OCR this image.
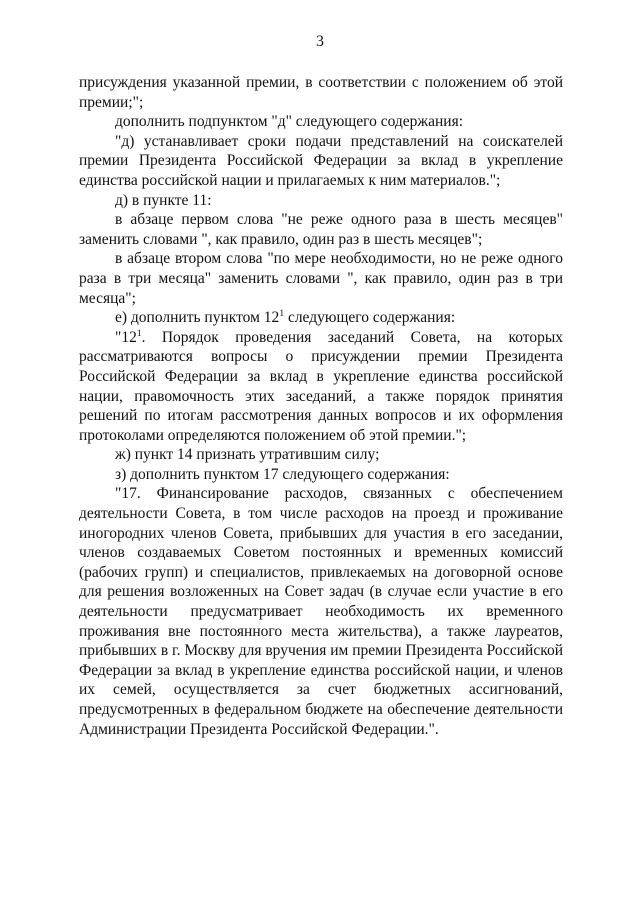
3

присуждения указанной премии, в соответствии с положением об этой премии;";

дополнить подпунктом "д" следующего содержания:

"д) устанавливает сроки подачи представлений на соискателей премии Президента Российской Федерации за вклад в укрепление единства российской нации и прилагаемых к ним материалов.";

д) в пункте 11:

в абзаце первом слова "не реже одного раза в шесть месяцев" заменить словами ", как правило, один раз в шесть месяцев";

в абзаце втором слова "по мере необходимости, но не реже одного раза в три месяца" заменить словами ", как правило, один раз в три месяца";

е) дополнить пунктом $12^1$ следующего содержания:

"$12^1$. Порядок проведения заседаний Совета, на которых рассматриваются вопросы о присуждении премии Президента Российской Федерации за вклад в укрепление единства российской нации, правомочность этих заседаний, а также порядок принятия решений по итогам рассмотрения данных вопросов и их оформления протоколами определяются положением об этой премии.";

ж) пункт 14 признать утратившим силу;

з) дополнить пунктом 17 следующего содержания:

"17. Финансирование расходов, связанных с обеспечением деятельности Совета, в том числе расходов на проезд и проживание иногородних членов Совета, прибывших для участия в его заседании, членов создаваемых Советом постоянных и временных комиссий (рабочих групп) и специалистов, привлекаемых на договорной основе для решения возложенных на Совет задач (в случае если участие в его деятельности предусматривает необходимость их временного проживания вне постоянного места жительства), а также лауреатов, прибывших в г. Москву для вручения им премии Президента Российской Федерации за вклад в укрепление единства российской нации, и членов их семей, осуществляется за счет бюджетных ассигнований, предусмотренных в федеральном бюджете на обеспечение деятельности Администрации Президента Российской Федерации.".
